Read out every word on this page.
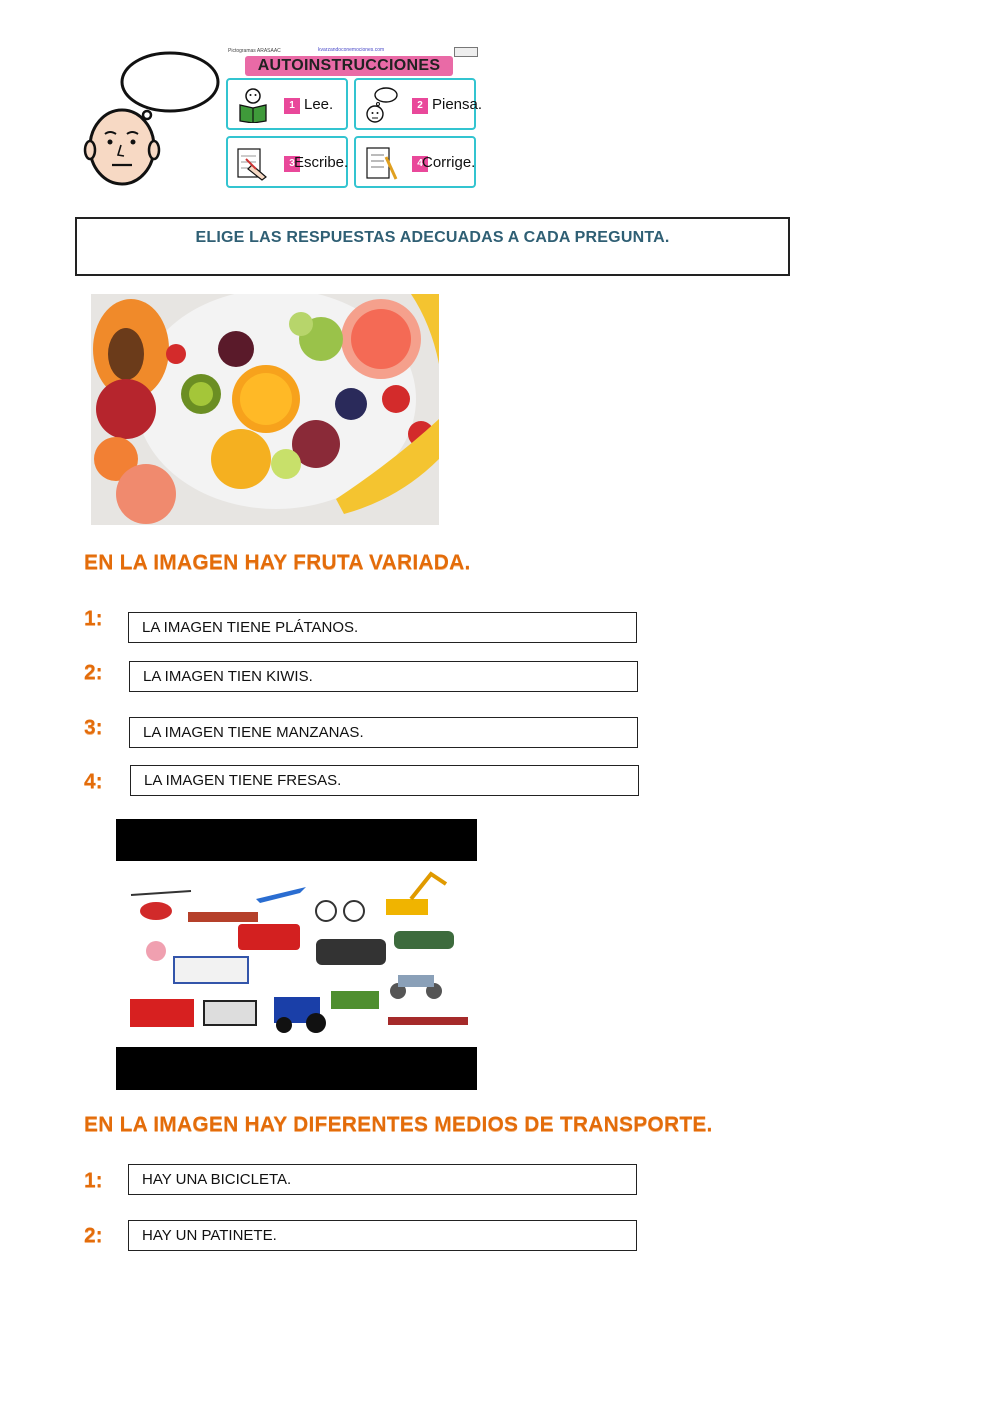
Pictogramas ARASAAC	kvarzandoconemociones.com
AUTOINSTRUCCIONES
1 Lee.	2 Piensa.
3 Escribe.	4 Corrige.
ELIGE LAS RESPUESTAS ADECUADAS A CADA PREGUNTA.
EN LA IMAGEN HAY FRUTA VARIADA.
1:	LA IMAGEN TIENE PLÁTANOS.
2:	LA IMAGEN TIEN KIWIS.
3:	LA IMAGEN TIENE MANZANAS.
4:	LA IMAGEN TIENE FRESAS.
EN LA IMAGEN HAY DIFERENTES MEDIOS DE TRANSPORTE.
1:	HAY UNA BICICLETA.
2:	HAY UN PATINETE.
